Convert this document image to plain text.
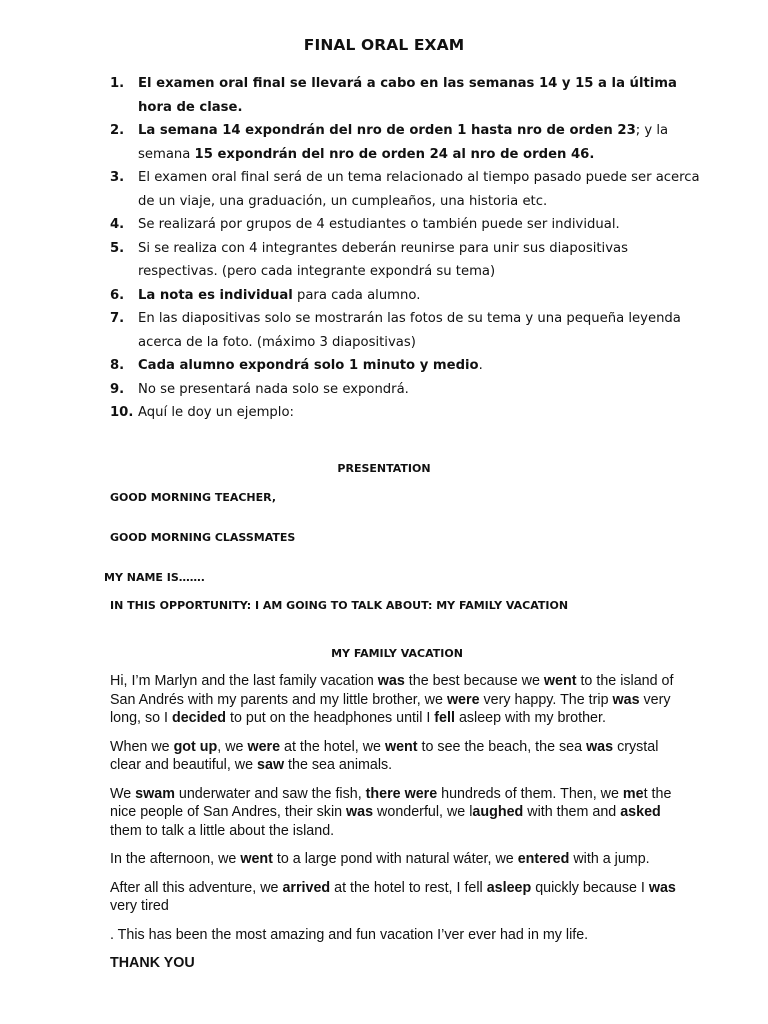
FINAL ORAL EXAM
1. El examen oral final se llevará a cabo en las semanas 14 y 15 a la última hora de clase.
2. La semana 14 expondrán del nro de orden 1 hasta nro de orden 23; y la semana 15 expondrán del nro de orden 24 al nro de orden 46.
3. El examen oral final será de un tema relacionado al tiempo pasado puede ser acerca de un viaje, una graduación, un cumpleaños, una historia etc.
4. Se realizará por grupos de 4 estudiantes o también puede ser individual.
5. Si se realiza con 4 integrantes deberán reunirse para unir sus diapositivas respectivas. (pero cada integrante expondrá su tema)
6. La nota es individual para cada alumno.
7. En las diapositivas solo se mostrarán las fotos de su tema y una pequeña leyenda acerca de la foto. (máximo 3 diapositivas)
8. Cada alumno expondrá solo 1 minuto y medio.
9. No se presentará nada solo se expondrá.
10. Aquí le doy un ejemplo:
PRESENTATION
GOOD MORNING TEACHER,
GOOD MORNING CLASSMATES
MY NAME IS…….
IN THIS OPPORTUNITY: I AM GOING TO TALK ABOUT: MY FAMILY VACATION
MY FAMILY VACATION

Hi, I’m Marlyn and the last family vacation was the best because we went to the island of San Andrés with my parents and my little brother, we were very happy. The trip was very long, so I decided to put on the headphones until I fell asleep with my brother.

When we got up, we were at the hotel, we went to see the beach, the sea was crystal clear and beautiful, we saw the sea animals.

We swam underwater and saw the fish, there were hundreds of them. Then, we met the nice people of San Andres, their skin was wonderful, we laughed with them and asked them to talk a little about the island.

In the afternoon, we went to a large pond with natural wáter, we entered with a jump.

After all this adventure, we arrived at the hotel to rest, I fell asleep quickly because I was very tired

. This has been the most amazing and fun vacation I’ver ever had in my life.

THANK YOU
